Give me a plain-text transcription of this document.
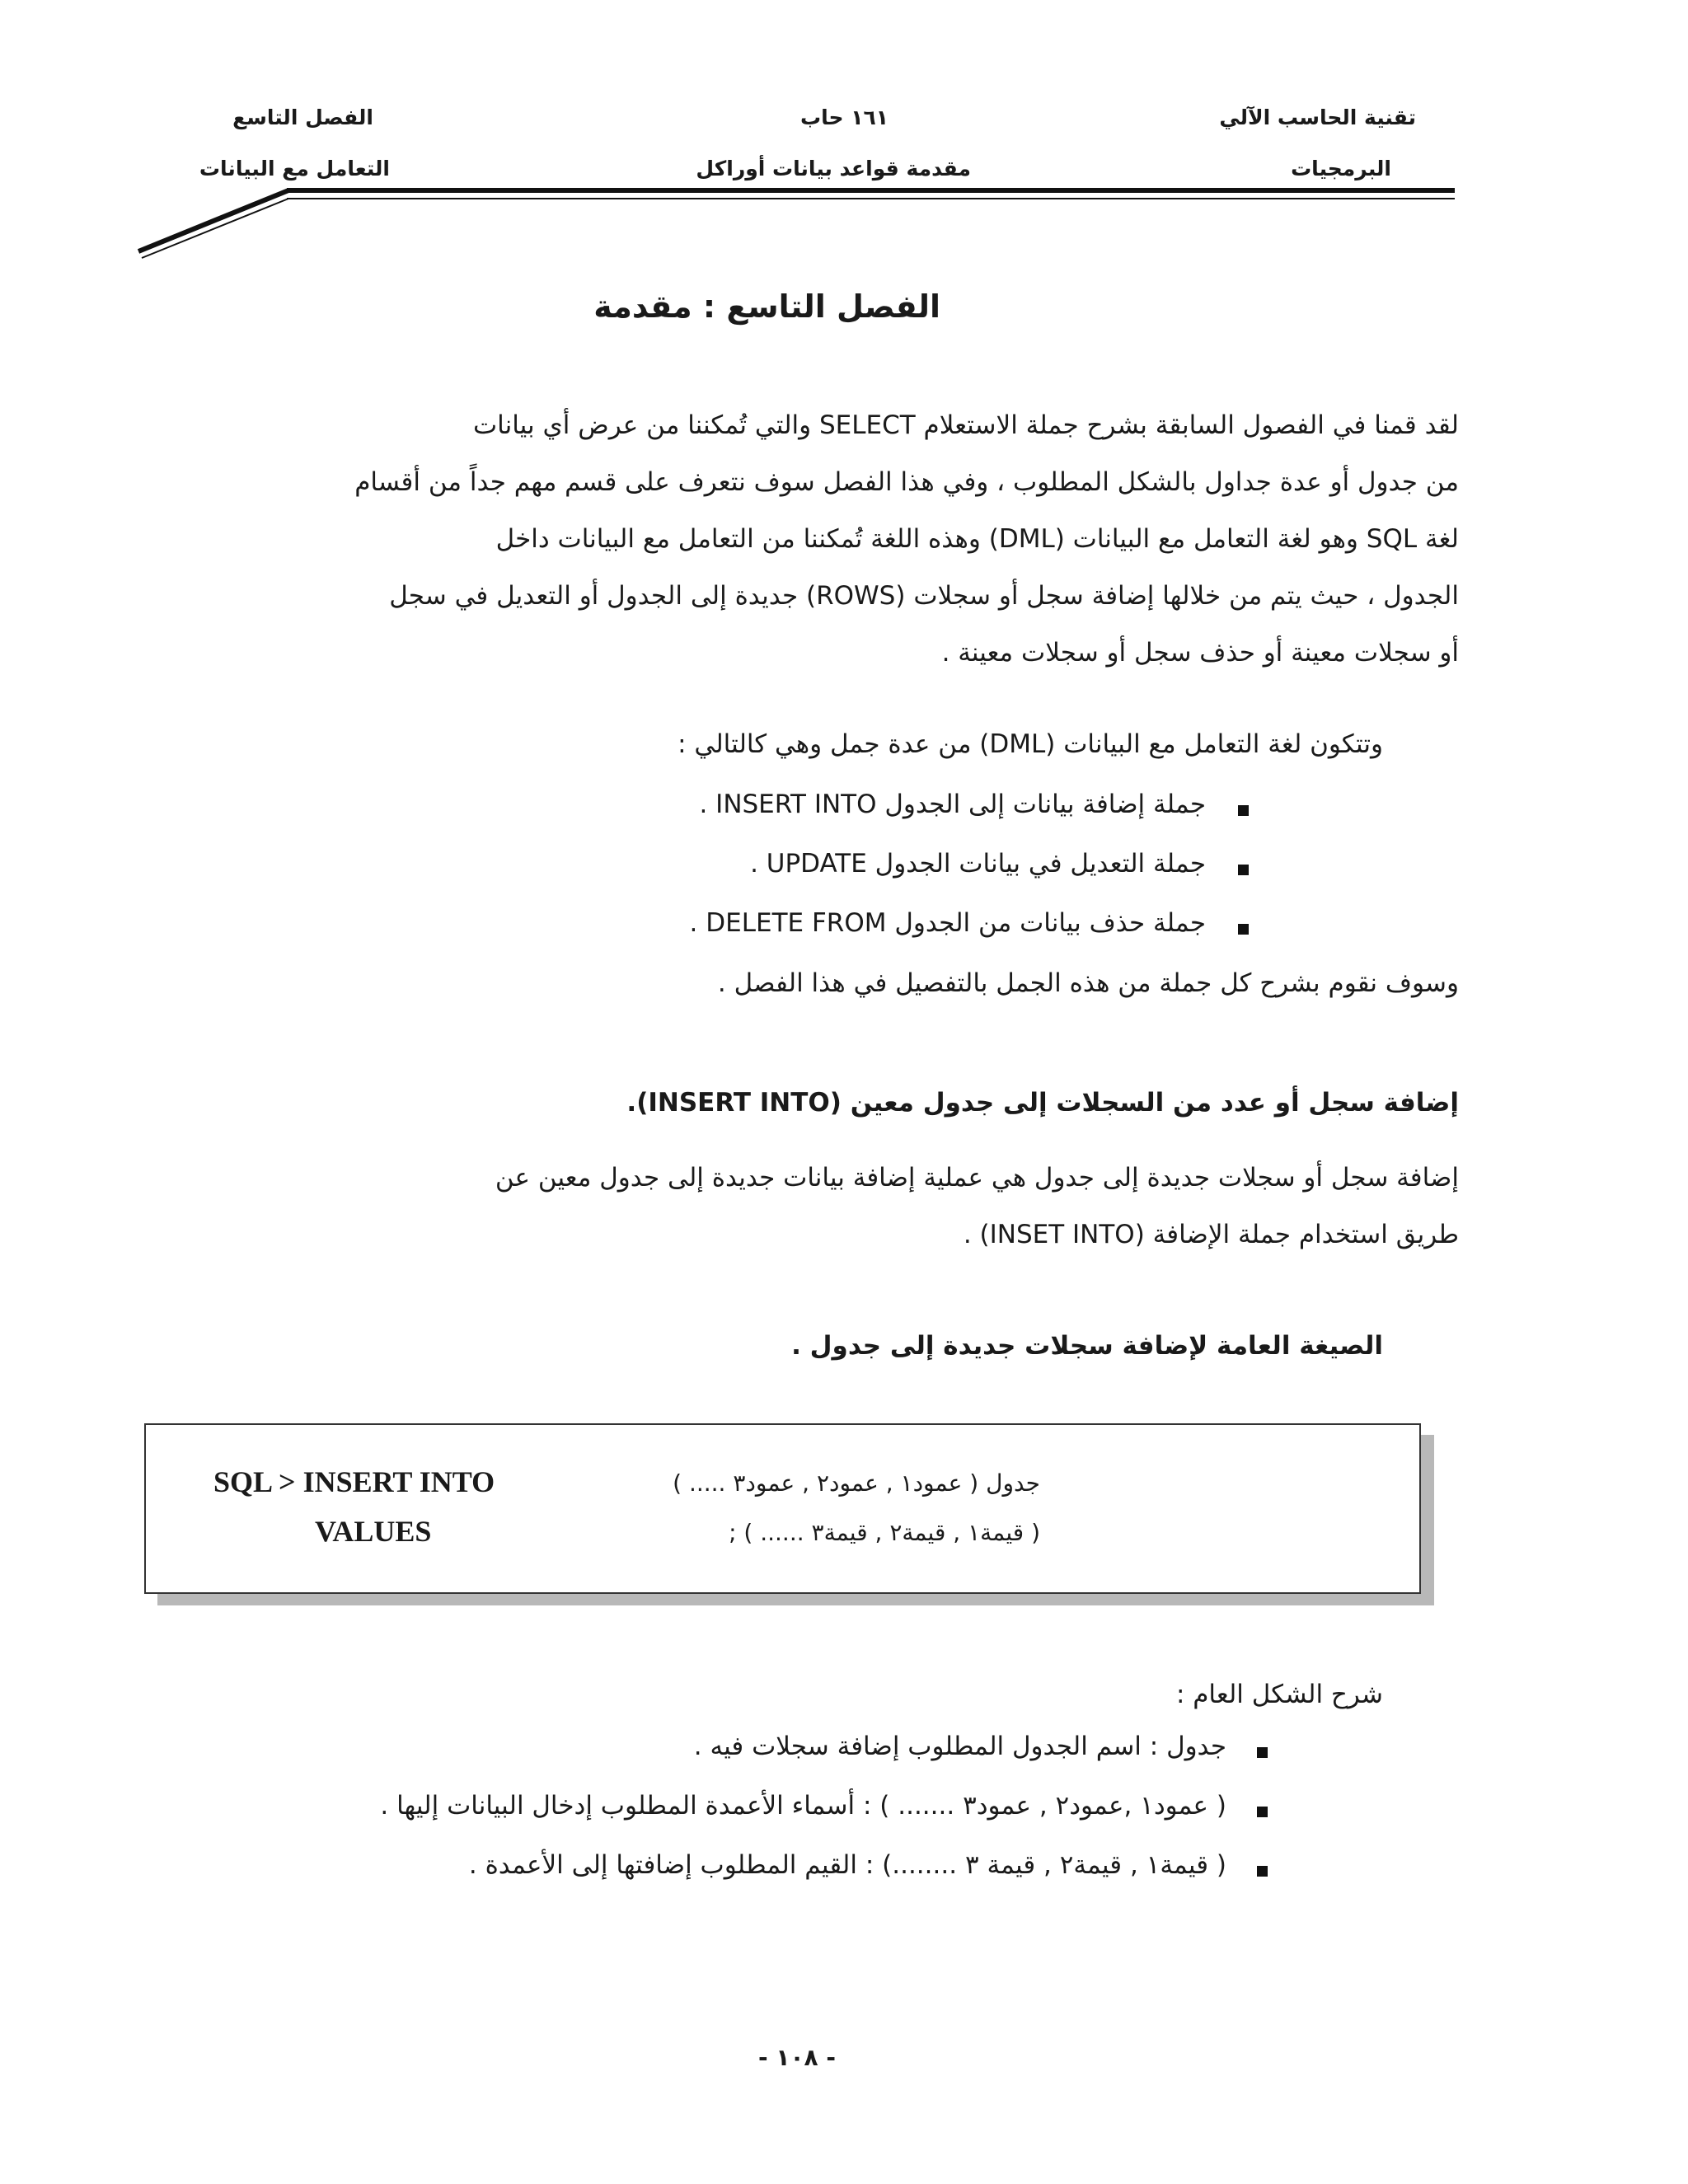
تقنية الحاسب الآلي
البرمجيات
١٦١ حاب
مقدمة قواعد بيانات أوراكل
الفصل التاسع
التعامل مع البيانات
الفصل التاسع : مقدمة
لقد قمنا في الفصول السابقة بشرح جملة الاستعلام SELECT والتي تُمكننا من عرض أي بيانات
من جدول أو عدة جداول بالشكل المطلوب ، وفي هذا الفصل سوف نتعرف على قسم مهم جداً من أقسام
لغة SQL وهو لغة التعامل مع البيانات (DML) وهذه اللغة تُمكننا من التعامل مع البيانات داخل
الجدول ، حيث يتم من خلالها إضافة سجل أو سجلات (ROWS) جديدة إلى الجدول أو التعديل في سجل
أو سجلات معينة أو حذف سجل أو سجلات معينة .
وتتكون لغة التعامل مع البيانات (DML) من عدة جمل وهي كالتالي :
جملة إضافة بيانات إلى الجدول INSERT INTO .
جملة التعديل في بيانات الجدول UPDATE .
جملة حذف بيانات من الجدول DELETE FROM .
وسوف نقوم بشرح كل جملة من هذه الجمل بالتفصيل في هذا الفصل .
إضافة سجل أو عدد من السجلات إلى جدول معين (INSERT INTO).
إضافة سجل أو سجلات جديدة إلى جدول هي عملية إضافة بيانات جديدة إلى جدول معين عن
طريق استخدام جملة الإضافة (INSET INTO) .
الصيغة العامة لإضافة سجلات جديدة إلى جدول .
SQL > INSERT INTO	جدول ( عمود١ , عمود٢ , عمود٣ ..... )
VALUES	( قيمة١ , قيمة٢ , قيمة٣ ...... ) ;
شرح الشكل العام :
جدول : اسم الجدول المطلوب إضافة سجلات فيه .
( عمود١ ,عمود٢ , عمود٣ ....... ) : أسماء الأعمدة المطلوب إدخال البيانات إليها .
( قيمة١ , قيمة٢ , قيمة ٣ ........) : القيم المطلوب إضافتها إلى الأعمدة .
- ١٠٨ -
